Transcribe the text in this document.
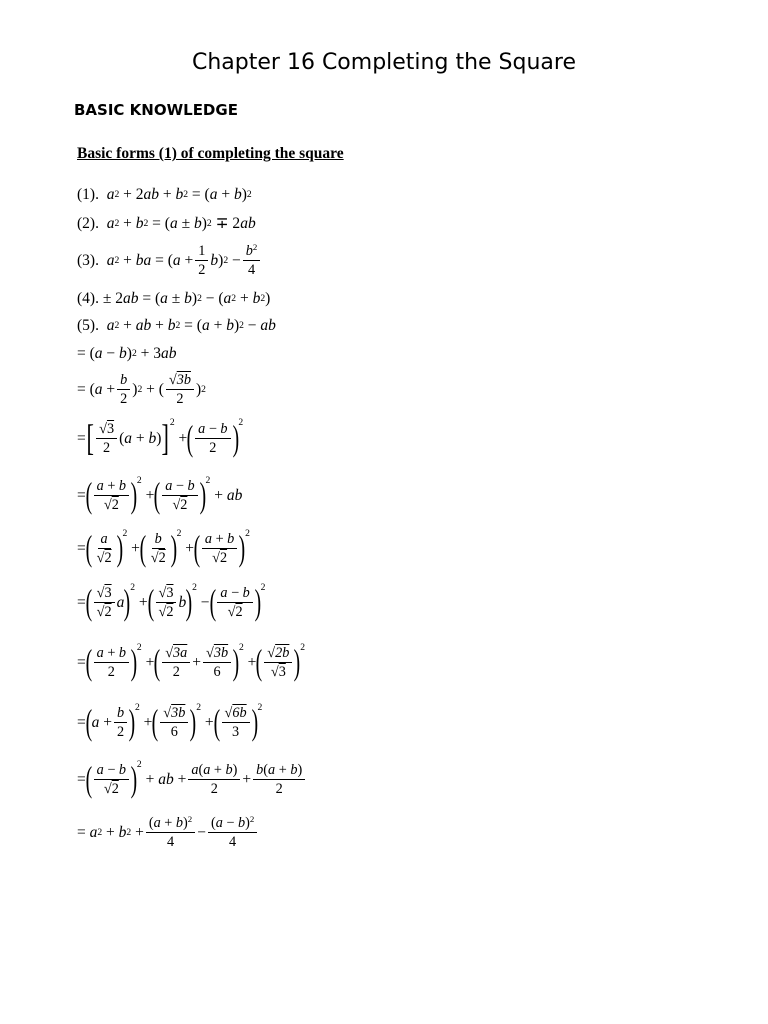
Chapter 16 Completing the Square
BASIC KNOWLEDGE
Basic forms (1) of completing the square
(1). a 2
+ 2 ab + b 2
= ( a + b ) 2
(2). a 2
+ b 2
= ( a ± b ) 2
∓ 2 ab
(3). a 2
+ ba = ( $a + \frac{1}{2}$ b ) $2 - \frac{b^2}{4}$
(4).
± 2 ab = ( a ± b ) 2
− ( a 2
+ b 2 )
(5). a 2
+ ab + b 2
= ( a + b ) 2
− ab
= ( a − b ) 2
+ 3 ab
= ( $a + \frac{b}{2}$ ) 2
+ ( $\frac{√3b}{2}$ ) 2
= [ $\frac{√3}{2}$ ( a + b ) ] 2
+ ( $\frac{a - b}{2}$ ) 2
= ( $\frac{a + b}{√2}$ ) 2
+ ( $\frac{a - b}{√2}$ ) 2
+ ab
= ( $\frac{a}{√2}$ ) 2
+ ( $\frac{b}{√2}$ ) 2
+ ( $\frac{a + b}{√2}$ ) 2
= ( $\frac{√3}{√2}$ a ) 2
+ ( $\frac{√3}{√2}$ b ) 2
− ( $\frac{a - b}{√2}$ ) 2
= ( $\frac{a + b}{2}$ ) 2
+ ( $\frac{√3a}{2} + \frac{√3b}{6}$ ) 2
+ ( $\frac{√2b}{√3}$ ) 2
= ( $a + \frac{b}{2}$ ) 2
+ ( $\frac{√3b}{6}$ ) 2
+ ( $\frac{√6b}{3}$ ) 2
= ( $\frac{a - b}{√2}$ ) 2
+ ab + $\frac{a(a + b)}{2} + \frac{b(a + b)}{2}$
= a 2
+ b 2
+ $\frac{(a + b)^2}{4} - \frac{(a - b)^2}{4}$
